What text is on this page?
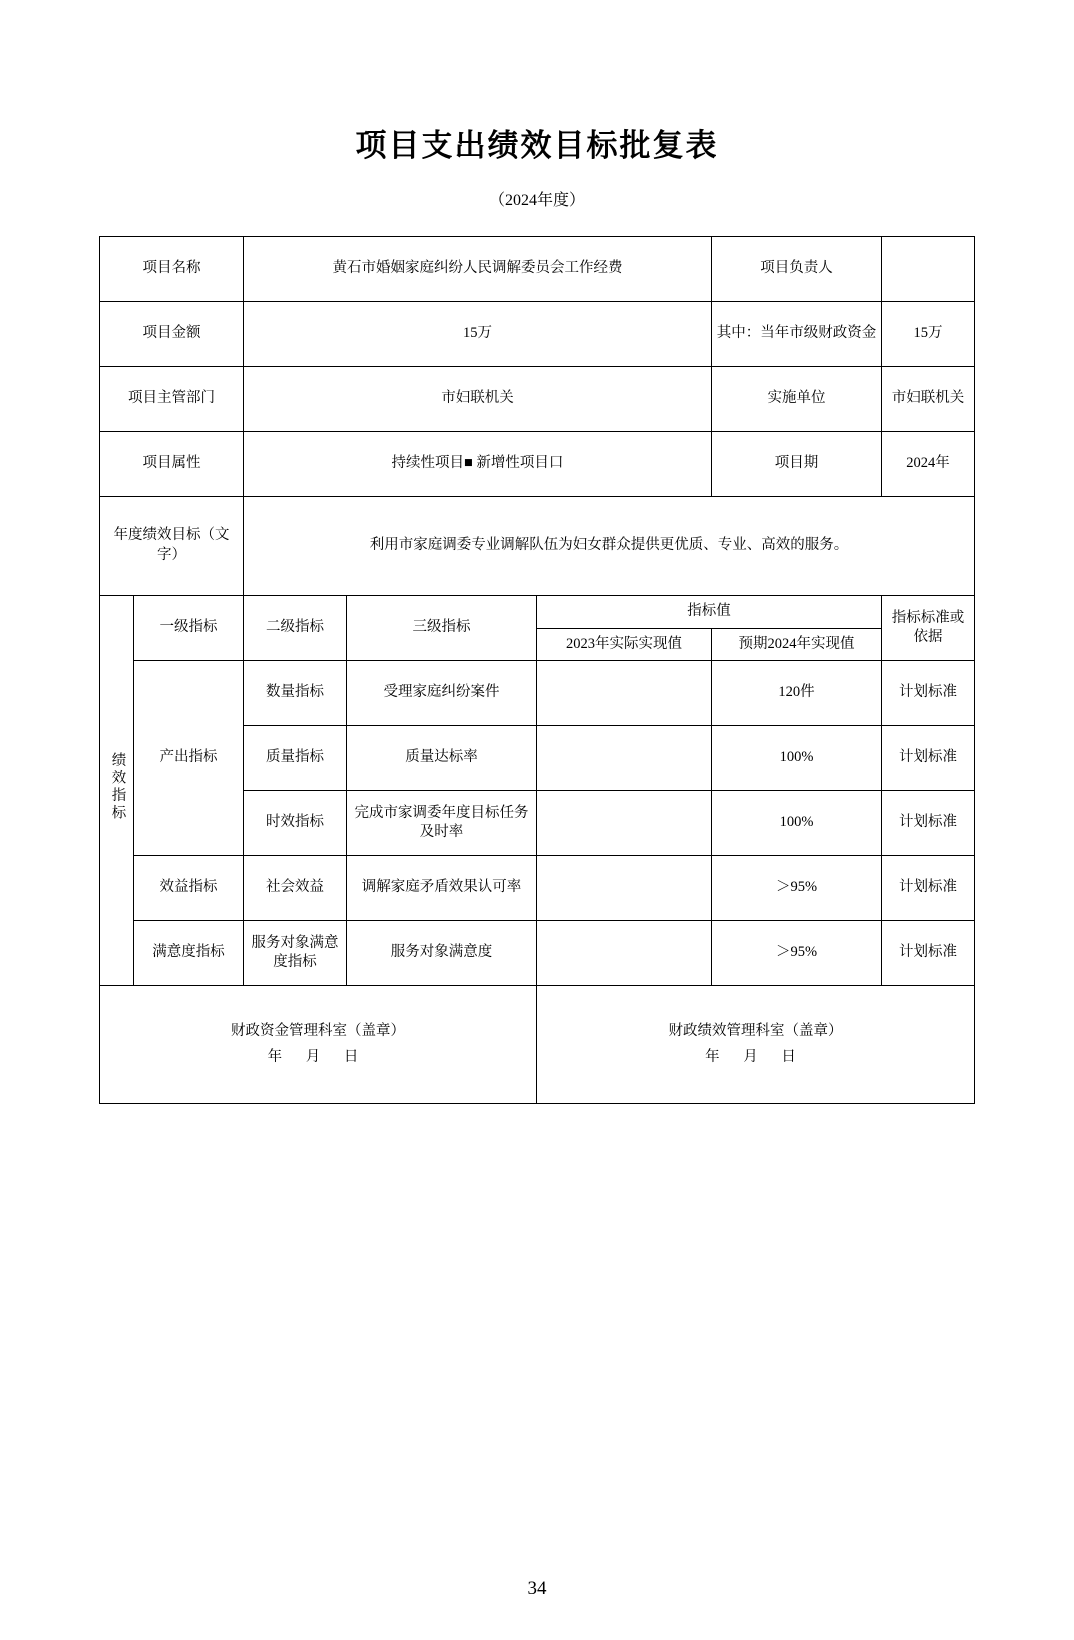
项目支出绩效目标批复表
（2024年度）
项目名称		黄石市婚姻家庭纠纷人民调解委员会工作经费			项目负责人	
项目金额		15万			其中：当年市级财政资金	15万
项目主管部门		市妇联机关			实施单位	市妇联机关
项目属性		持续性项目■ 新增性项目口			项目期	2024年
年度绩效目标（文字）		利用市家庭调委专业调解队伍为妇女群众提供更优质、专业、高效的服务。				
绩效指标	一级指标	二级指标	三级指标	指标值		指标标准或依据
				2023年实际实现值	预期2024年实现值	
	产出指标	数量指标	受理家庭纠纷案件		120件	计划标准
		质量指标	质量达标率		100%	计划标准
		时效指标	完成市家调委年度目标任务及时率		100%	计划标准
	效益指标	社会效益	调解家庭矛盾效果认可率		＞95%	计划标准
	满意度指标	服务对象满意度指标	服务对象满意度		＞95%	计划标准

财政资金管理科室（盖章）
年 月 日

财政绩效管理科室（盖章）
年 月 日
34
